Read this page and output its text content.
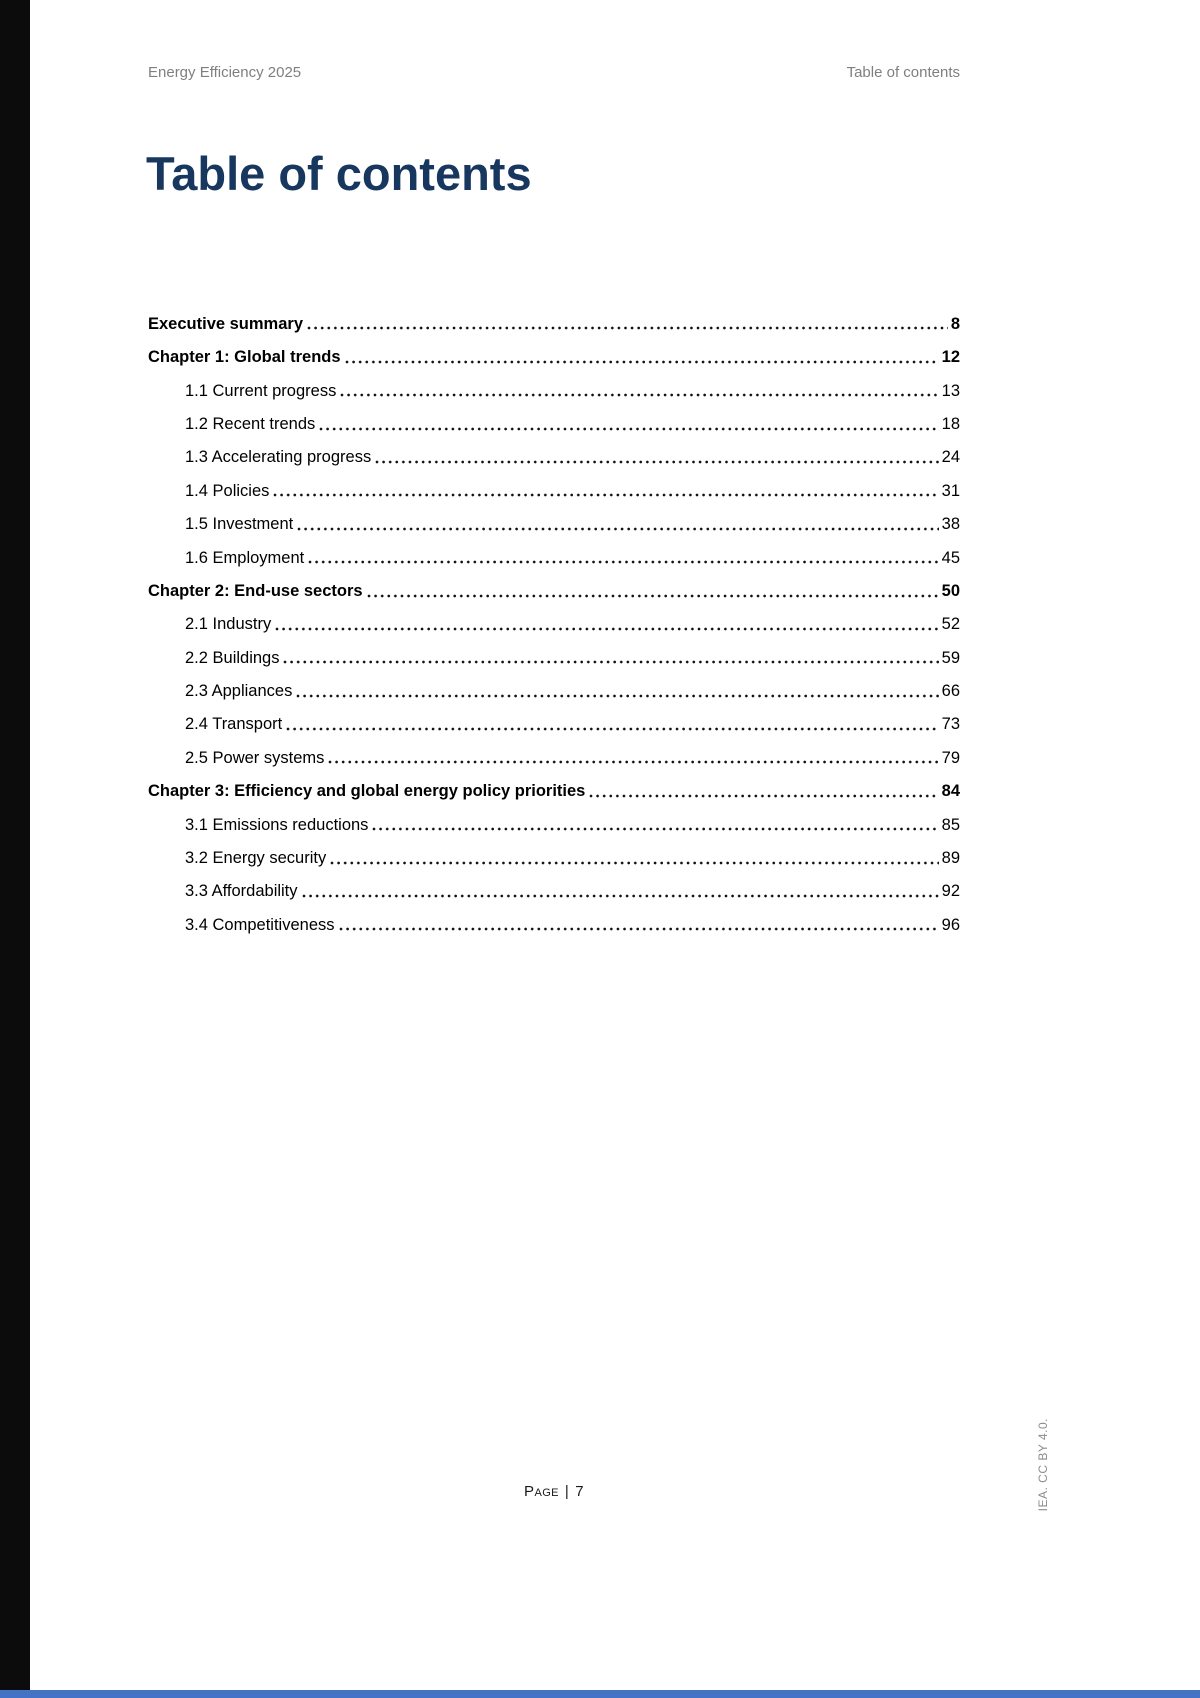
Energy Efficiency 2025	Table of contents
Table of contents
Executive summary	8
Chapter 1: Global trends	12
1.1 Current progress	13
1.2 Recent trends	18
1.3 Accelerating progress	24
1.4 Policies	31
1.5 Investment	38
1.6 Employment	45
Chapter 2: End-use sectors	50
2.1 Industry	52
2.2 Buildings	59
2.3 Appliances	66
2.4 Transport	73
2.5 Power systems	79
Chapter 3: Efficiency and global energy policy priorities	84
3.1 Emissions reductions	85
3.2 Energy security	89
3.3 Affordability	92
3.4 Competitiveness	96
Page | 7	IEA. CC BY 4.0.
